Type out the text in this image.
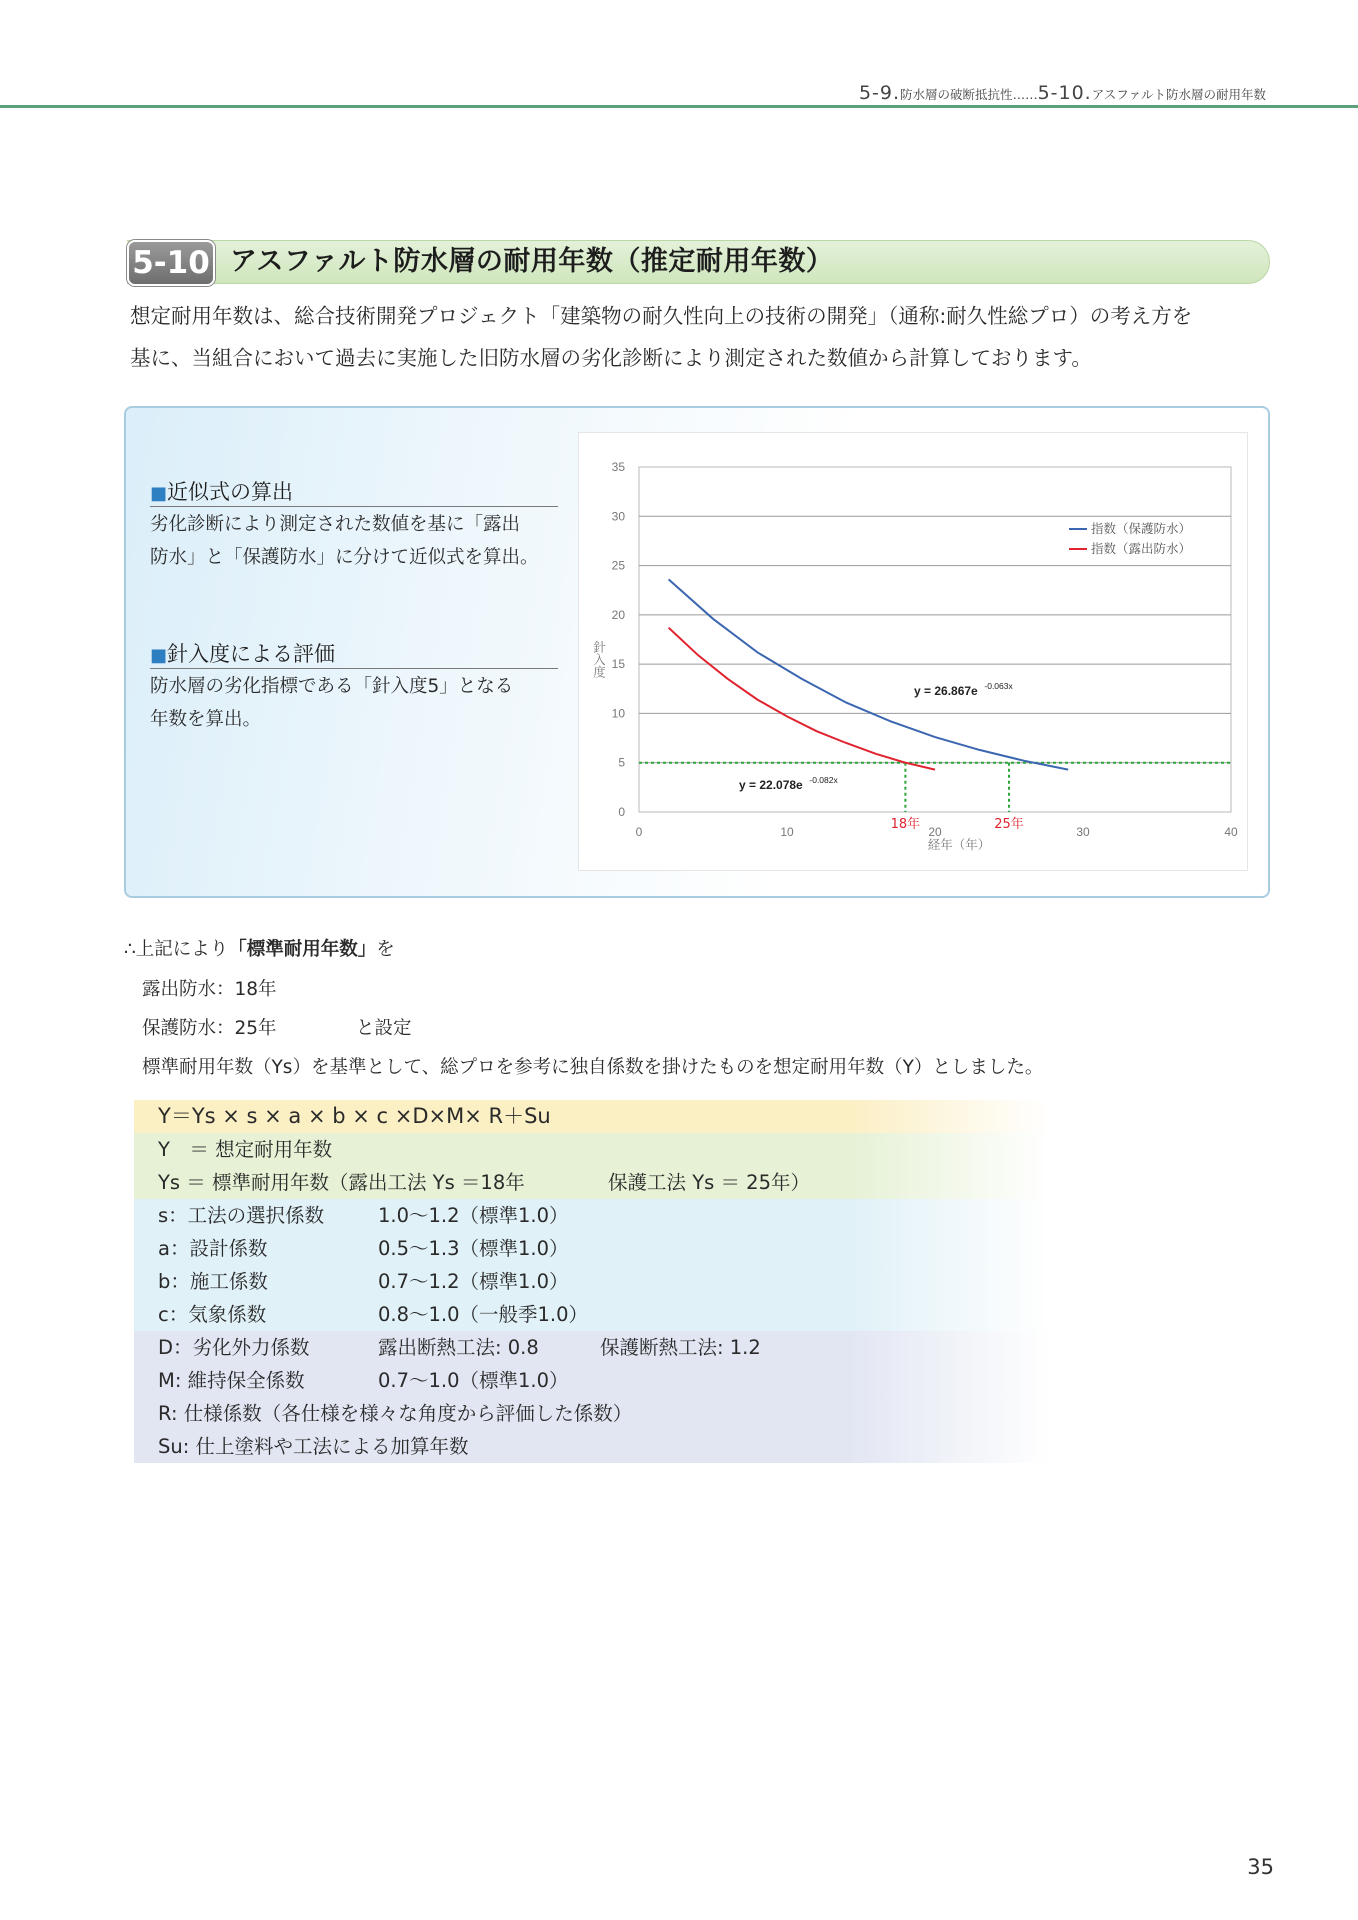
5-9.防水層の破断抵抗性……5-10.アスファルト防水層の耐用年数
5-10 アスファルト防水層の耐用年数（推定耐用年数）
想定耐用年数は、総合技術開発プロジェクト「建築物の耐久性向上の技術の開発」（通称:耐久性総プロ）の考え方を
基に、当組合において過去に実施した旧防水層の劣化診断により測定された数値から計算しております。
■近似式の算出
劣化診断により測定された数値を基に「露出
防水」と「保護防水」に分けて近似式を算出。
■針入度による評価
防水層の劣化指標である「針入度5」となる
年数を算出。
0
5
10
15
20
25
30
35
0	10	20	30	40
経年（年）
針入度
18年	25年
指数（保護防水）
指数（露出防水）
y = 26.867e -0.063x
y = 22.078e -0.082x
∴上記により「標準耐用年数」を
露出防水：18年
保護防水：25年	と設定
標準耐用年数（Ys）を基準として、総プロを参考に独自係数を掛けたものを想定耐用年数（Y）としました。
Y＝Ys × s × a × b × c ×D×M× R＋Su
Y　＝ 想定耐用年数
Ys ＝ 標準耐用年数（露出工法 Ys ＝18年	保護工法 Ys ＝ 25年）
s：工法の選択係数	1.0～1.2（標準1.0）
a：設計係数	0.5～1.3（標準1.0）
b：施工係数	0.7～1.2（標準1.0）
c：気象係数	0.8～1.0（一般季1.0）
D：劣化外力係数	露出断熱工法: 0.8	保護断熱工法: 1.2
M: 維持保全係数	0.7～1.0（標準1.0）
R: 仕様係数（各仕様を様々な角度から評価した係数）
Su: 仕上塗料や工法による加算年数
35
